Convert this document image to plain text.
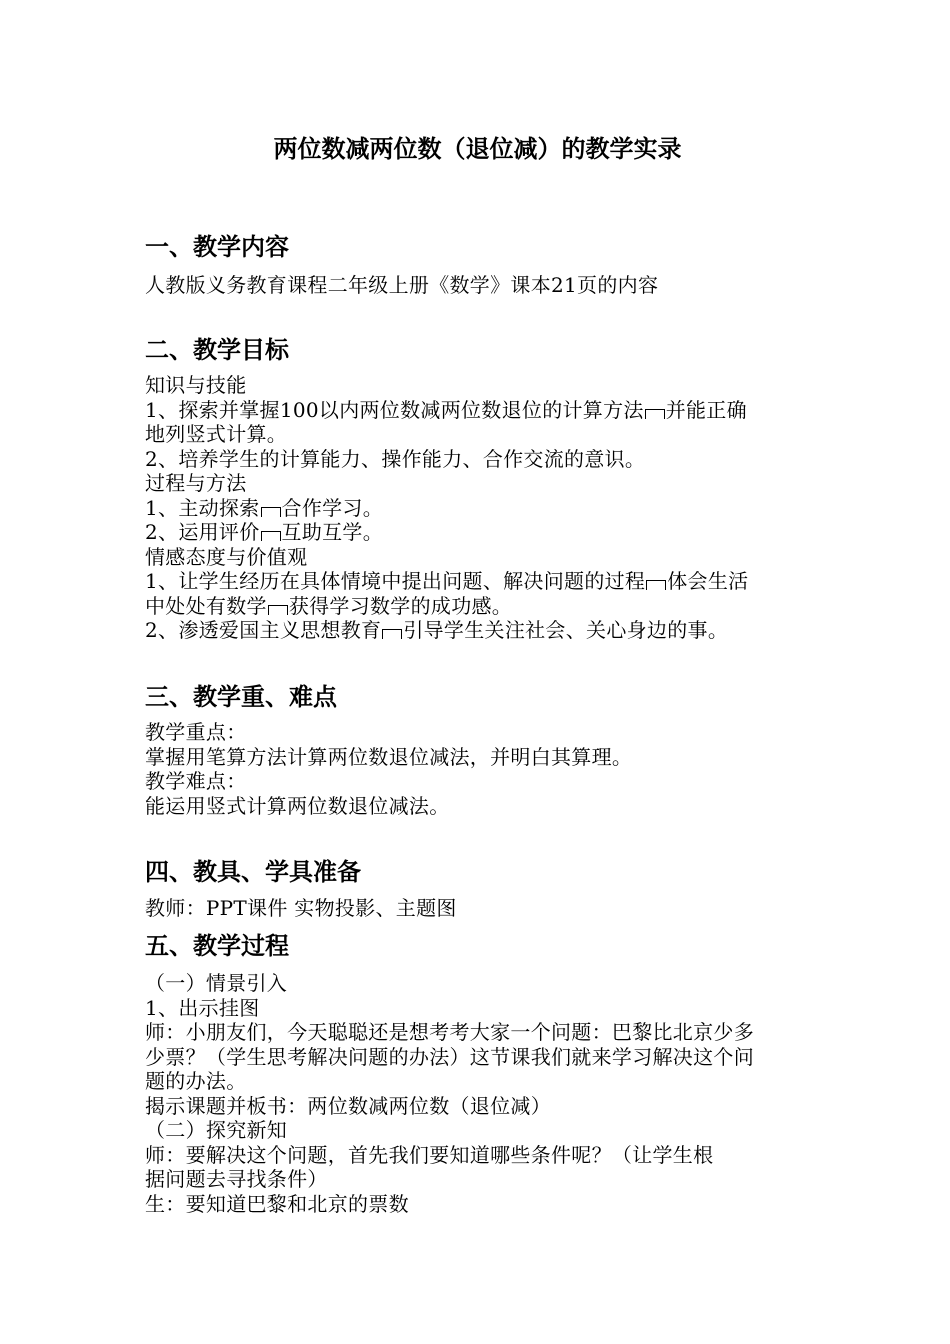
两位数减两位数（退位减）的教学实录
一、教学内容
人教版义务教育课程二年级上册《数学》课本21页的内容
二、教学目标
知识与技能
1、探索并掌握100以内两位数减两位数退位的计算方法 并能正确
地列竖式计算。
2、培养学生的计算能力、操作能力、合作交流的意识。
过程与方法
1、主动探索 合作学习。
2、运用评价 互助互学。
情感态度与价值观
1、让学生经历在具体情境中提出问题、解决问题的过程 体会生活
中处处有数学 获得学习数学的成功感。
2、渗透爱国主义思想教育 引导学生关注社会、关心身边的事。
三、教学重、难点
教学重点：
掌握用笔算方法计算两位数退位减法，并明白其算理。
教学难点：
能运用竖式计算两位数退位减法。
四、教具、学具准备
教师：PPT课件 实物投影、主题图
五、教学过程
（一）情景引入
1、出示挂图
师：小朋友们，今天聪聪还是想考考大家一个问题：巴黎比北京少多
少票？（学生思考解决问题的办法）这节课我们就来学习解决这个问
题的办法。
揭示课题并板书：两位数减两位数（退位减）
（二）探究新知
师：要解决这个问题，首先我们要知道哪些条件呢？（让学生根
据问题去寻找条件）
生：要知道巴黎和北京的票数
